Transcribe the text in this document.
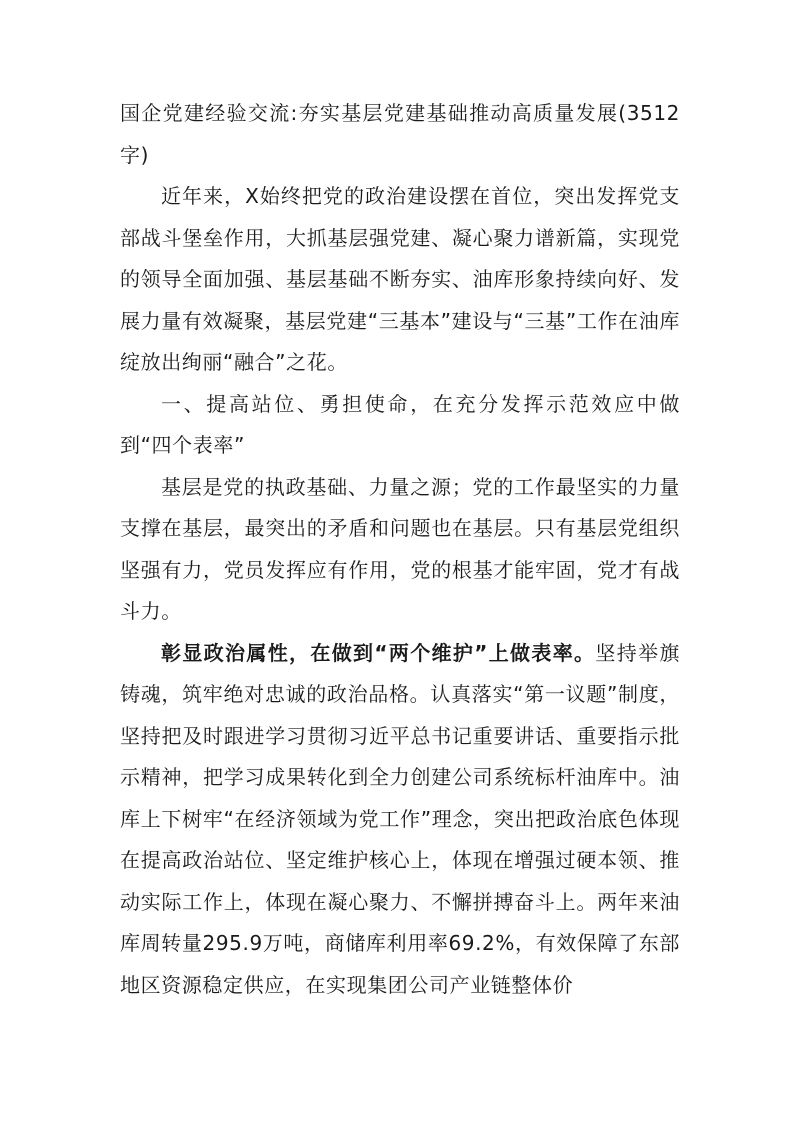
国企党建经验交流:夯实基层党建基础推动高质量发展(3512字)

近年来，X始终把党的政治建设摆在首位，突出发挥党支部战斗堡垒作用，大抓基层强党建、凝心聚力谱新篇，实现党的领导全面加强、基层基础不断夯实、油库形象持续向好、发展力量有效凝聚，基层党建“三基本”建设与“三基”工作在油库绽放出绚丽“融合”之花。

一、提高站位、勇担使命，在充分发挥示范效应中做到“四个表率”

基层是党的执政基础、力量之源；党的工作最坚实的力量支撑在基层，最突出的矛盾和问题也在基层。只有基层党组织坚强有力，党员发挥应有作用，党的根基才能牢固，党才有战斗力。

彰显政治属性，在做到“两个维护”上做表率。坚持举旗铸魂，筑牢绝对忠诚的政治品格。认真落实“第一议题”制度，坚持把及时跟进学习贯彻习近平总书记重要讲话、重要指示批示精神，把学习成果转化到全力创建公司系统标杆油库中。油库上下树牢“在经济领域为党工作”理念，突出把政治底色体现在提高政治站位、坚定维护核心上，体现在增强过硬本领、推动实际工作上，体现在凝心聚力、不懈拼搏奋斗上。两年来油库周转量295.9万吨，商储库利用率69.2%，有效保障了东部地区资源稳定供应，在实现集团公司产业链整体价
